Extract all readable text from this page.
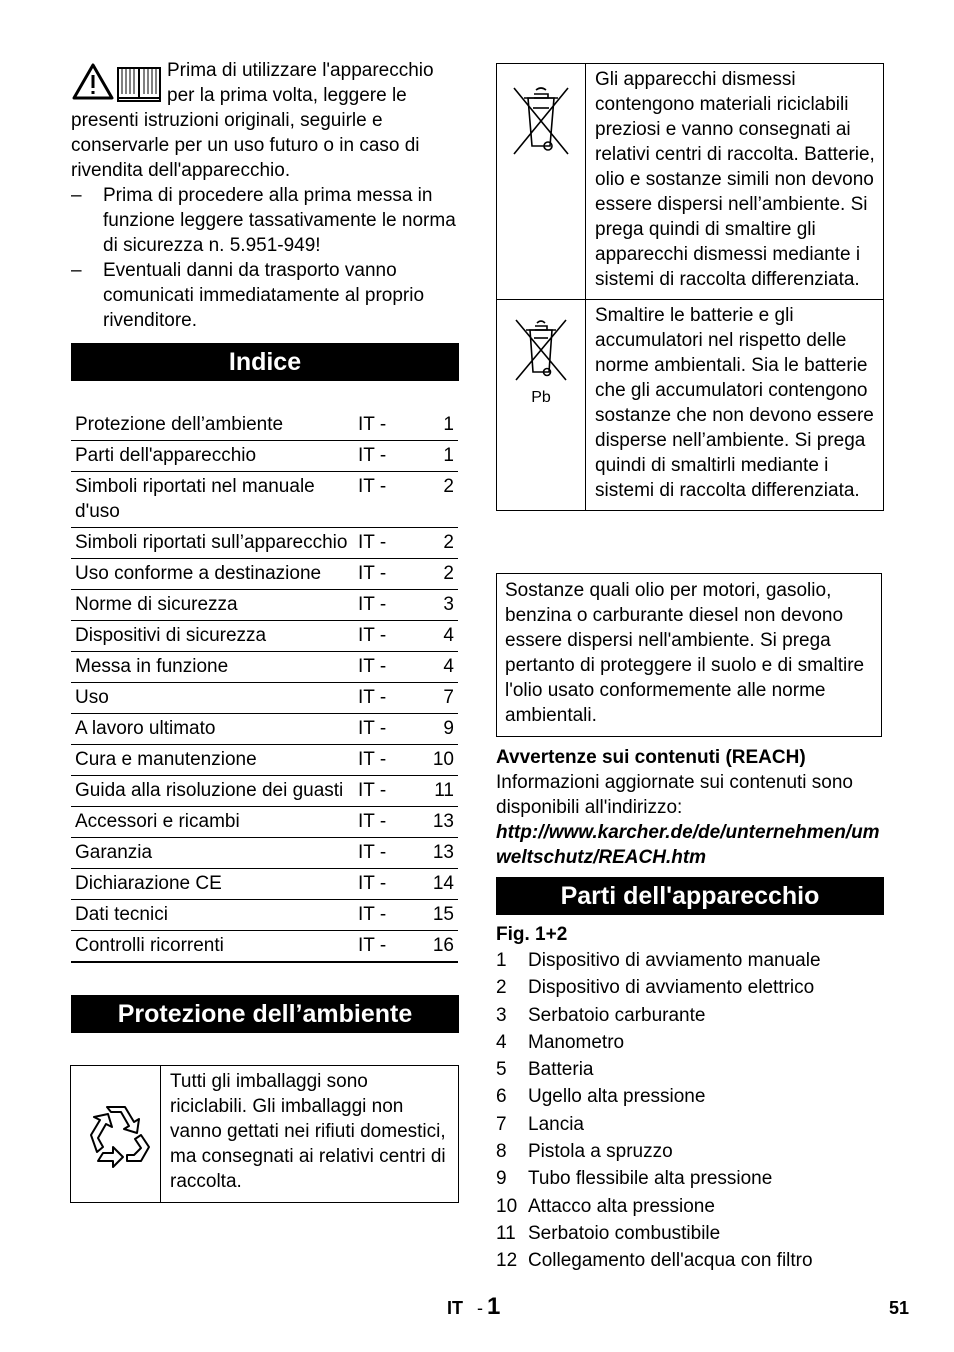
Prima di utilizzare l'apparecchio per la prima volta, leggere le presenti istruzioni originali, seguirle e conservarle per un uso futuro o in caso di rivendita dell'apparecchio.

– Prima di procedere alla prima messa in funzione leggere tassativamente le norma di sicurezza n. 5.951-949!
– Eventuali danni da trasporto vanno comunicati immediatamente al proprio rivenditore.
Indice
Protezione dell’ambiente	IT -	1
Parti dell'apparecchio	IT -	1
Simboli riportati nel manuale d'uso	IT -	2
Simboli riportati sull’apparecchio	IT -	2
Uso conforme a destinazione	IT -	2
Norme di sicurezza	IT -	3
Dispositivi di sicurezza	IT -	4
Messa in funzione	IT -	4
Uso	IT -	7
A lavoro ultimato	IT -	9
Cura e manutenzione	IT -	10
Guida alla risoluzione dei guasti	IT -	11
Accessori e ricambi	IT -	13
Garanzia	IT -	13
Dichiarazione CE	IT -	14
Dati tecnici	IT -	15
Controlli ricorrenti	IT -	16
Protezione dell’ambiente
Tutti gli imballaggi sono riciclabili. Gli imballaggi non vanno gettati nei rifiuti domestici, ma consegnati ai relativi centri di raccolta.
Gli apparecchi dismessi contengono materiali riciclabili preziosi e vanno consegnati ai relativi centri di raccolta. Batterie, olio e sostanze simili non devono essere dispersi nell’ambiente. Si prega quindi di smaltire gli apparecchi dismessi mediante i sistemi di raccolta differenziata.
Pb
Smaltire le batterie e gli accumulatori nel rispetto delle norme ambientali. Sia le batterie che gli accumulatori contengono sostanze che non devono essere disperse nell’ambiente. Si prega quindi di smaltirli mediante i sistemi di raccolta differenziata.

Sostanze quali olio per motori, gasolio, benzina o carburante diesel non devono essere dispersi nell'ambiente. Si prega pertanto di proteggere il suolo e di smaltire l'olio usato conformemente alle norme ambientali.

Avvertenze sui contenuti (REACH)

Informazioni aggiornate sui contenuti sono disponibili all'indirizzo:

http://www.karcher.de/de/unternehmen/umweltschutz/REACH.htm

Parti dell'apparecchio

Fig. 1+2

1	Dispositivo di avviamento manuale
2	Dispositivo di avviamento elettrico
3	Serbatoio carburante
4	Manometro
5	Batteria
6	Ugello alta pressione
7	Lancia
8	Pistola a spruzzo
9	Tubo flessibile alta pressione
10 Attacco alta pressione
11 Serbatoio combustibile
12 Collegamento dell'acqua con filtro
IT - 1	51
